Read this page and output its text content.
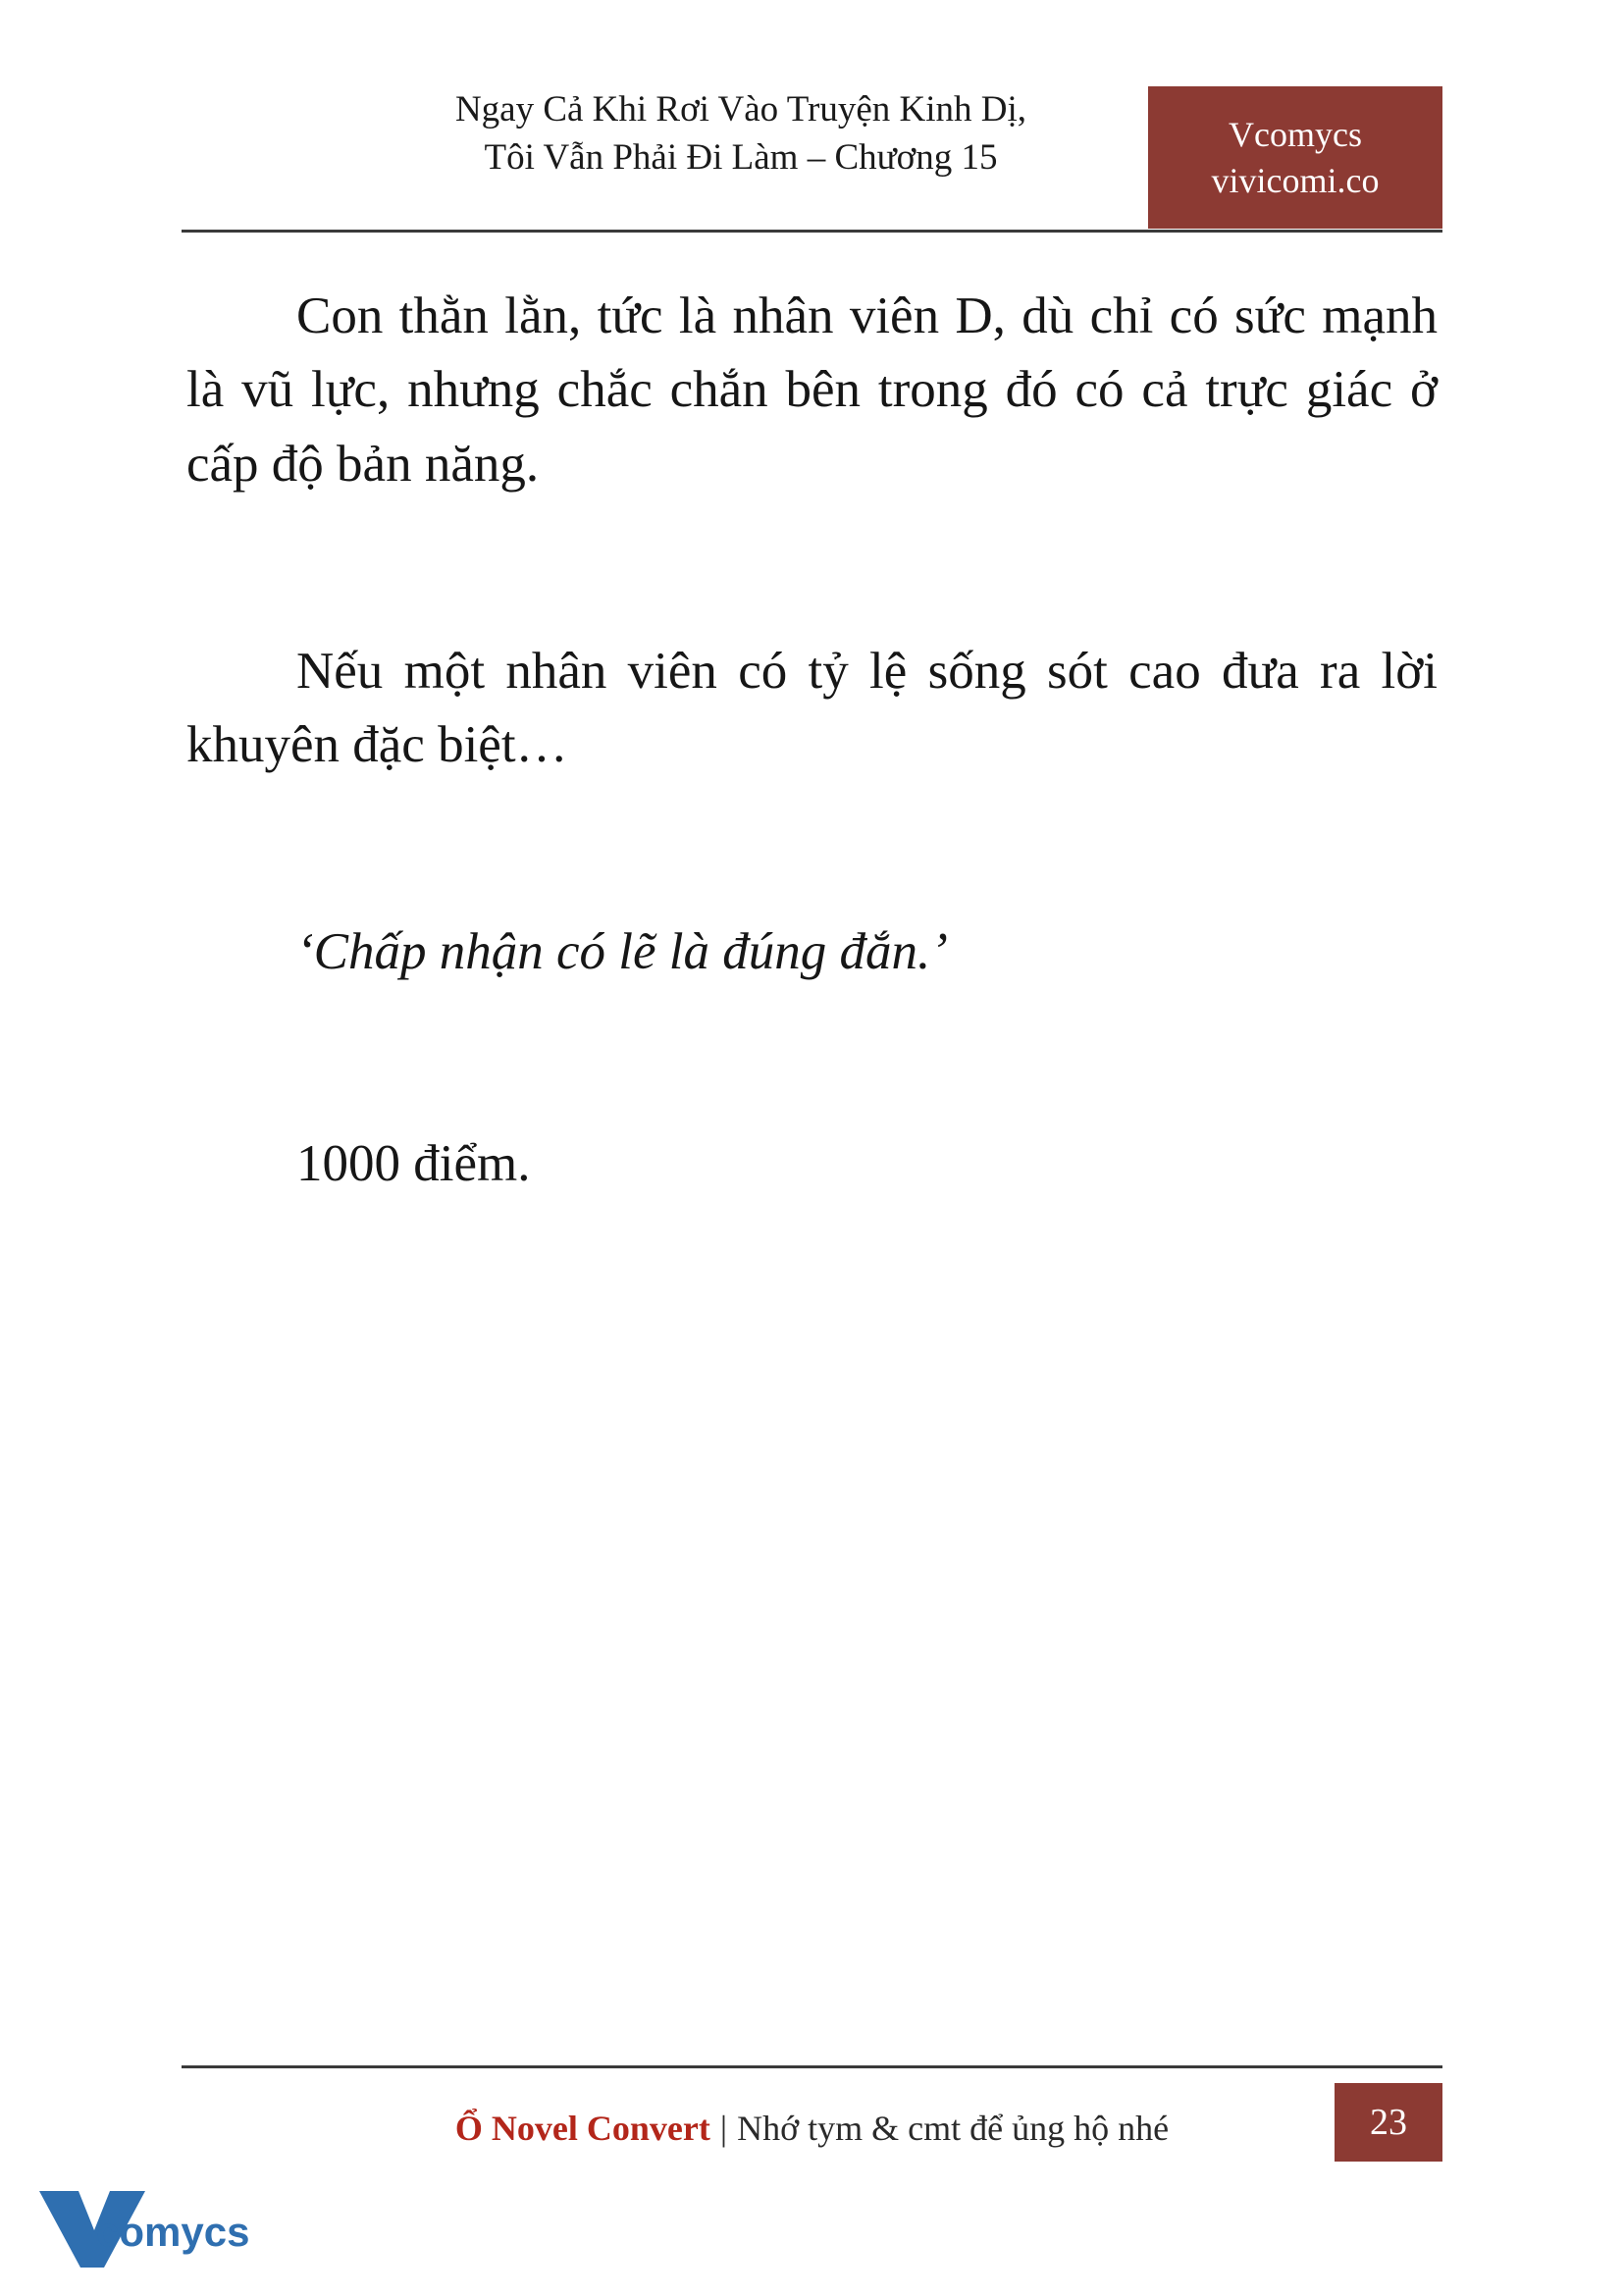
Ngay Cả Khi Rơi Vào Truyện Kinh Dị,
Tôi Vẫn Phải Đi Làm – Chương 15
Vcomycs
vivicomi.co

Con thằn lằn, tức là nhân viên D, dù chỉ có sức mạnh là vũ lực, nhưng chắc chắn bên trong đó có cả trực giác ở cấp độ bản năng.

Nếu một nhân viên có tỷ lệ sống sót cao đưa ra lời khuyên đặc biệt…

‘Chấp nhận có lẽ là đúng đắn.’

1000 điểm.

Ổ Novel Convert | Nhớ tym & cmt để ủng hộ nhé	23
comycs
